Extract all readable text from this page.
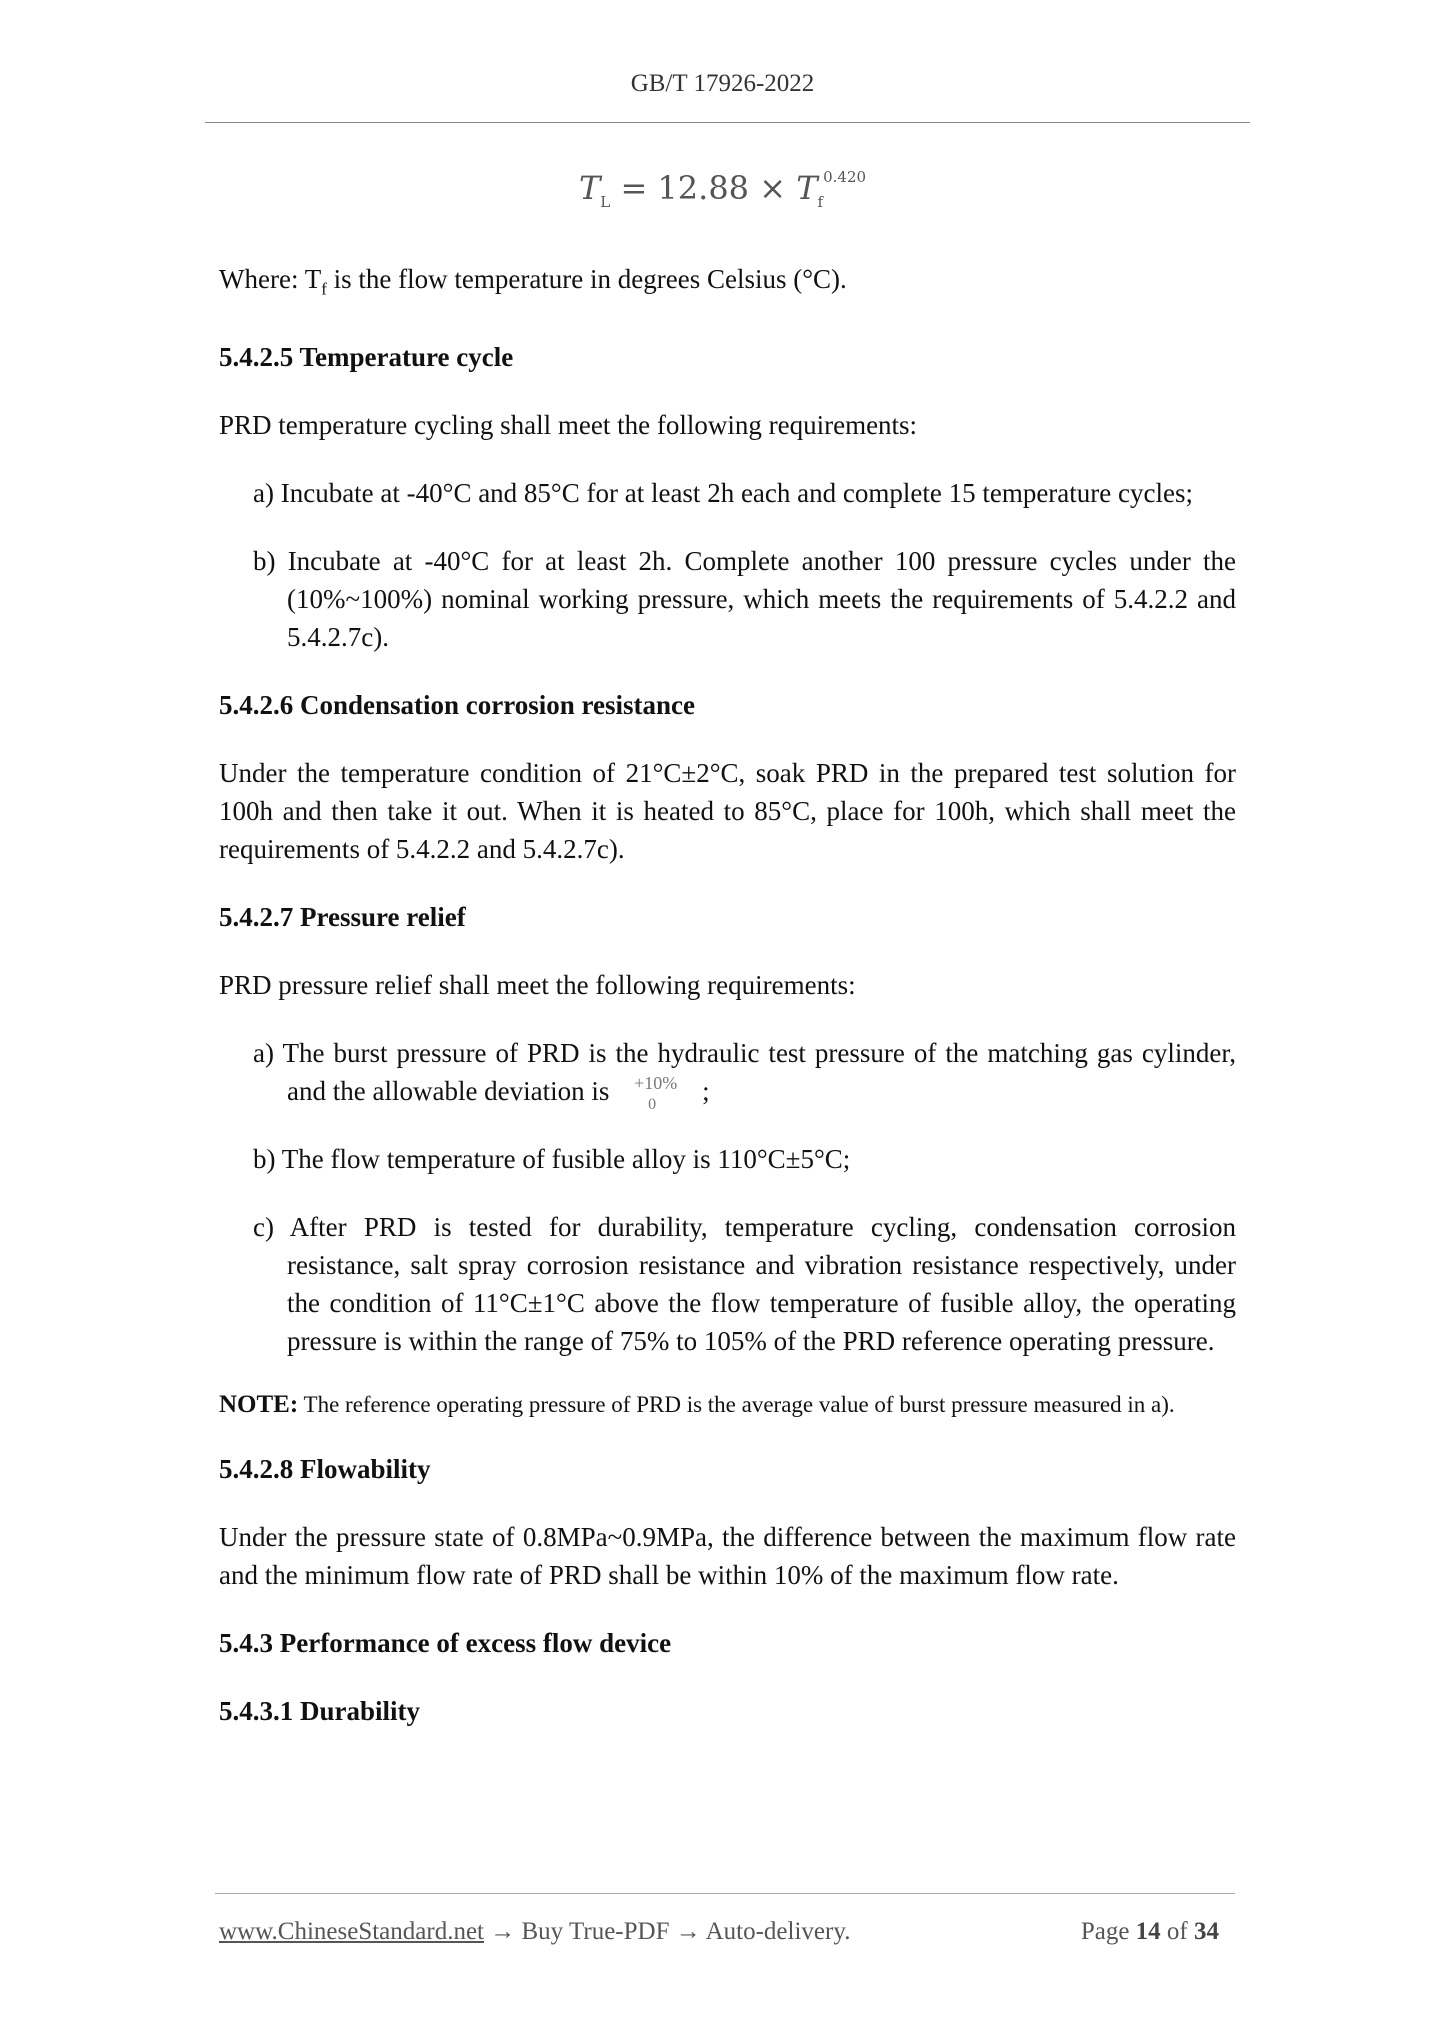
GB/T 17926-2022
$T_L = 12.88 \times T_f^{0.420}$

Where: $T_f$ is the flow temperature in degrees Celsius (°C).

5.4.2.5 Temperature cycle

PRD temperature cycling shall meet the following requirements:

a) Incubate at -40°C and 85°C for at least 2h each and complete 15 temperature cycles;

b) Incubate at -40°C for at least 2h. Complete another 100 pressure cycles under the (10%~100%) nominal working pressure, which meets the requirements of 5.4.2.2 and 5.4.2.7c).

5.4.2.6 Condensation corrosion resistance

Under the temperature condition of 21°C±2°C, soak PRD in the prepared test solution for 100h and then take it out. When it is heated to 85°C, place for 100h, which shall meet the requirements of 5.4.2.2 and 5.4.2.7c).

5.4.2.7 Pressure relief

PRD pressure relief shall meet the following requirements:

a) The burst pressure of PRD is the hydraulic test pressure of the matching gas cylinder, and the allowable deviation is +10%
0 ;

b) The flow temperature of fusible alloy is 110°C±5°C;

c) After PRD is tested for durability, temperature cycling, condensation corrosion resistance, salt spray corrosion resistance and vibration resistance respectively, under the condition of 11°C±1°C above the flow temperature of fusible alloy, the operating pressure is within the range of 75% to 105% of the PRD reference operating pressure.

NOTE: The reference operating pressure of PRD is the average value of burst pressure measured in a).

5.4.2.8 Flowability

Under the pressure state of 0.8MPa~0.9MPa, the difference between the maximum flow rate and the minimum flow rate of PRD shall be within 10% of the maximum flow rate.

5.4.3 Performance of excess flow device
5.4.3.1 Durability
www.ChineseStandard.net → Buy True-PDF → Auto-delivery.	Page 14 of 34
